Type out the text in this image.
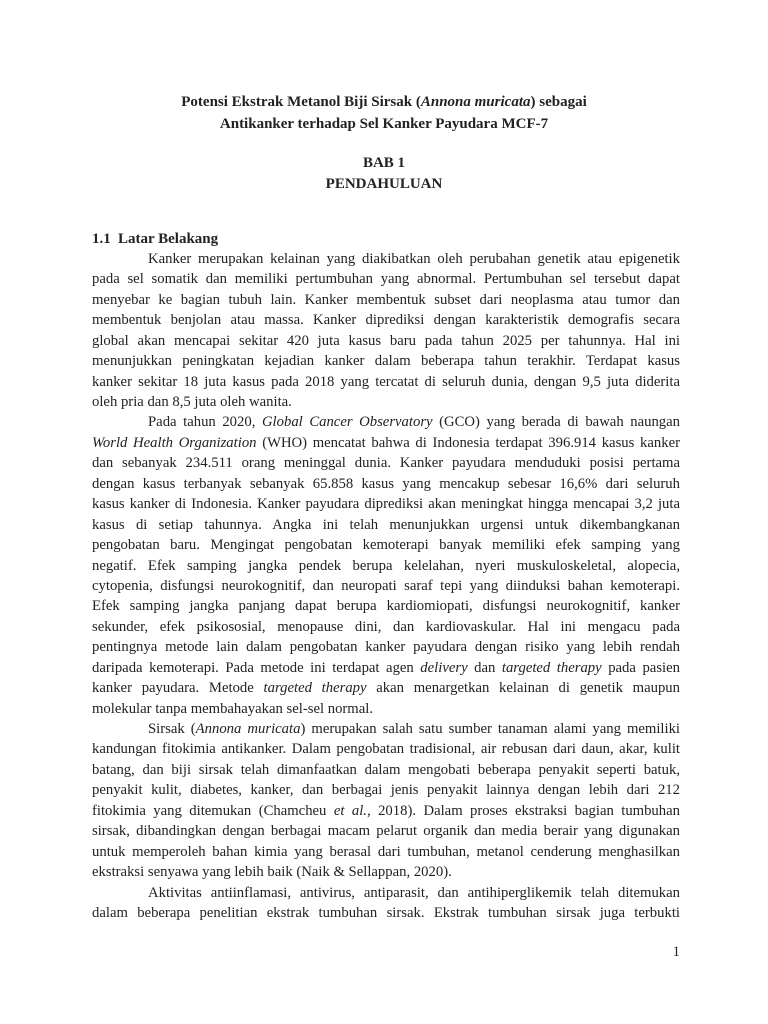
Potensi Ekstrak Metanol Biji Sirsak (Annona muricata) sebagai
Antikanker terhadap Sel Kanker Payudara MCF-7
BAB 1
PENDAHULUAN
1.1 Latar Belakang
Kanker merupakan kelainan yang diakibatkan oleh perubahan genetik atau epigenetik
pada sel somatik dan memiliki pertumbuhan yang abnormal. Pertumbuhan sel tersebut dapat
menyebar ke bagian tubuh lain. Kanker membentuk subset dari neoplasma atau tumor dan
membentuk benjolan atau massa. Kanker diprediksi dengan karakteristik demografis secara
global akan mencapai sekitar 420 juta kasus baru pada tahun 2025 per tahunnya. Hal ini
menunjukkan peningkatan kejadian kanker dalam beberapa tahun terakhir. Terdapat kasus
kanker sekitar 18 juta kasus pada 2018 yang tercatat di seluruh dunia, dengan 9,5 juta diderita
oleh pria dan 8,5 juta oleh wanita.
Pada tahun 2020, Global Cancer Observatory (GCO) yang berada di bawah naungan
World Health Organization (WHO) mencatat bahwa di Indonesia terdapat 396.914 kasus kanker
dan sebanyak 234.511 orang meninggal dunia. Kanker payudara menduduki posisi pertama
dengan kasus terbanyak sebanyak 65.858 kasus yang mencakup sebesar 16,6% dari seluruh
kasus kanker di Indonesia. Kanker payudara diprediksi akan meningkat hingga mencapai 3,2 juta
kasus di setiap tahunnya. Angka ini telah menunjukkan urgensi untuk dikembangkanan
pengobatan baru. Mengingat pengobatan kemoterapi banyak memiliki efek samping yang
negatif. Efek samping jangka pendek berupa kelelahan, nyeri muskuloskeletal, alopecia,
cytopenia, disfungsi neurokognitif, dan neuropati saraf tepi yang diinduksi bahan kemoterapi.
Efek samping jangka panjang dapat berupa kardiomiopati, disfungsi neurokognitif, kanker
sekunder, efek psikososial, menopause dini, dan kardiovaskular. Hal ini mengacu pada
pentingnya metode lain dalam pengobatan kanker payudara dengan risiko yang lebih rendah
daripada kemoterapi. Pada metode ini terdapat agen delivery dan targeted therapy pada pasien
kanker payudara. Metode targeted therapy akan menargetkan kelainan di genetik maupun
molekular tanpa membahayakan sel-sel normal.
Sirsak (Annona muricata) merupakan salah satu sumber tanaman alami yang memiliki
kandungan fitokimia antikanker. Dalam pengobatan tradisional, air rebusan dari daun, akar, kulit
batang, dan biji sirsak telah dimanfaatkan dalam mengobati beberapa penyakit seperti batuk,
penyakit kulit, diabetes, kanker, dan berbagai jenis penyakit lainnya dengan lebih dari 212
fitokimia yang ditemukan (Chamcheu et al., 2018). Dalam proses ekstraksi bagian tumbuhan
sirsak, dibandingkan dengan berbagai macam pelarut organik dan media berair yang digunakan
untuk memperoleh bahan kimia yang berasal dari tumbuhan, metanol cenderung menghasilkan
ekstraksi senyawa yang lebih baik (Naik & Sellappan, 2020).
Aktivitas antiinflamasi, antivirus, antiparasit, dan antihiperglikemik telah ditemukan
dalam beberapa penelitian ekstrak tumbuhan sirsak. Ekstrak tumbuhan sirsak juga terbukti
1
